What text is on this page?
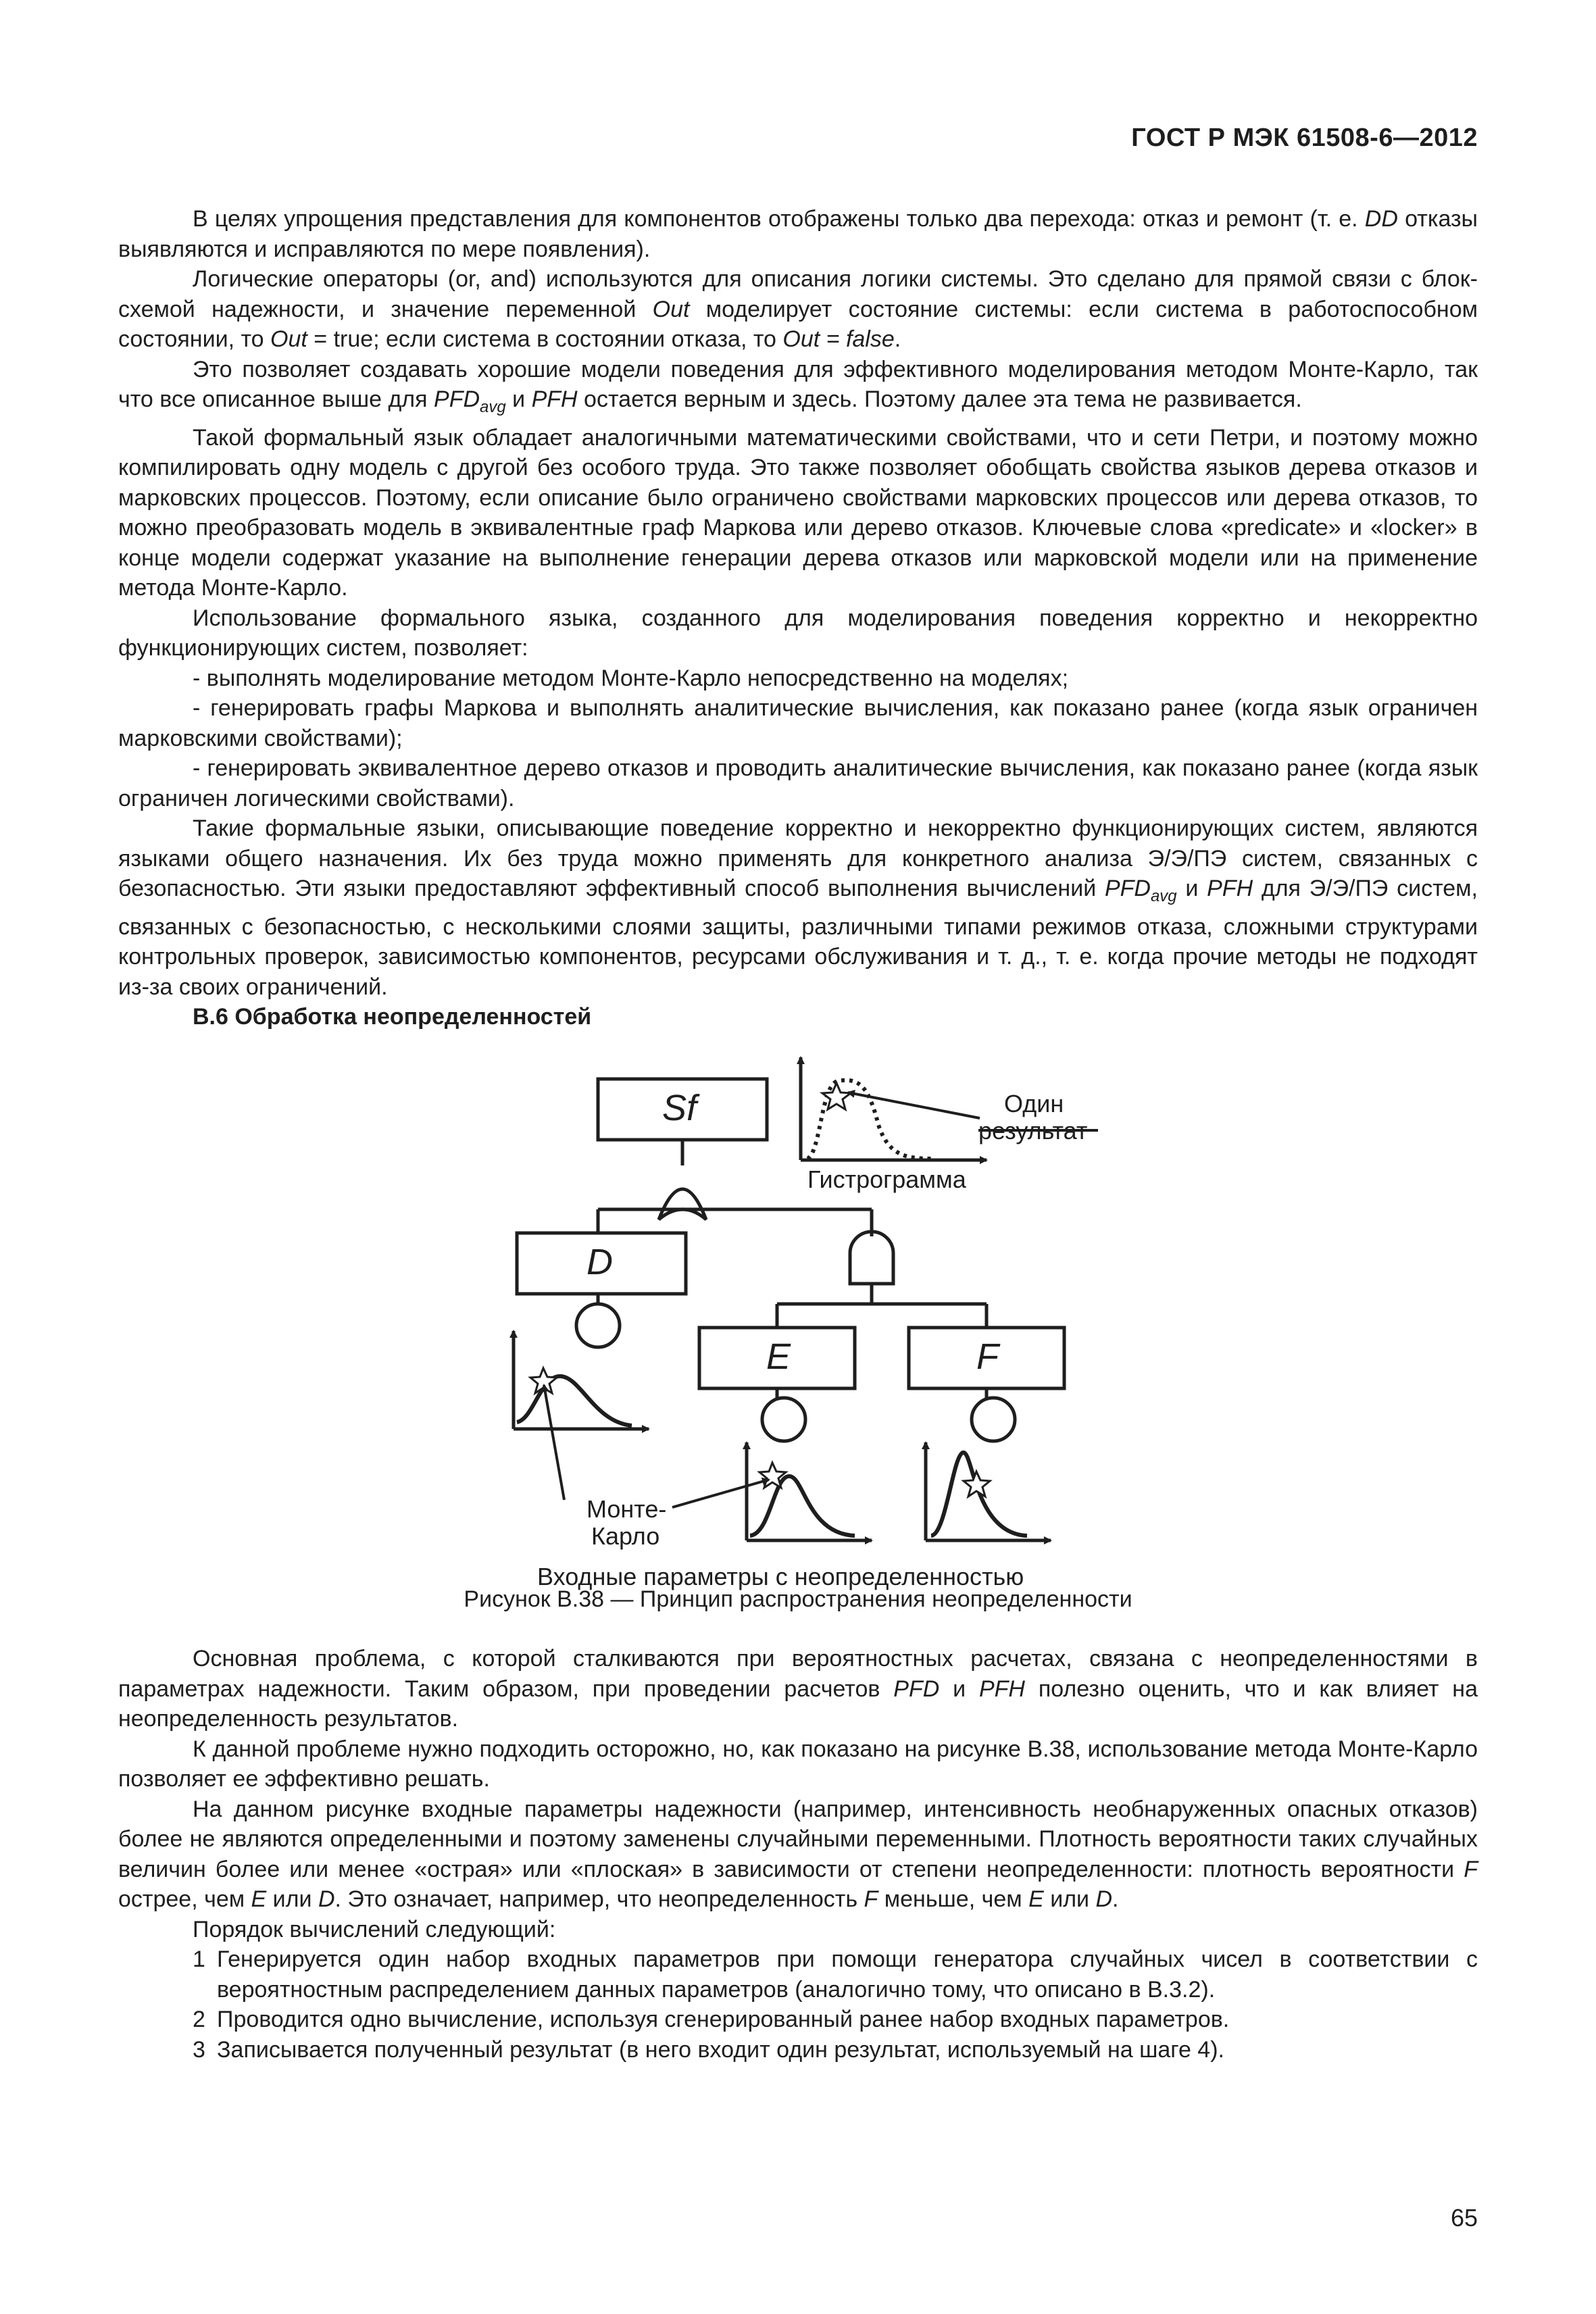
ГОСТ Р МЭК 61508-6—2012

В целях упрощения представления для компонентов отображены только два перехода: отказ и ремонт (т. е. DD отказы выявляются и исправляются по мере появления).

Логические операторы (or, and) используются для описания логики системы. Это сделано для прямой связи с блок-схемой надежности, и значение переменной Out моделирует состояние системы: если система в работоспособном состоянии, то Out = true; если система в состоянии отказа, то Out = false.

Это позволяет создавать хорошие модели поведения для эффективного моделирования методом Монте-Карло, так что все описанное выше для $PFD_{avg}$ и PFH остается верным и здесь. Поэтому далее эта тема не развивается.

Такой формальный язык обладает аналогичными математическими свойствами, что и сети Петри, и поэтому можно компилировать одну модель с другой без особого труда. Это также позволяет обобщать свойства языков дерева отказов и марковских процессов. Поэтому, если описание было ограничено свойствами марковских процессов или дерева отказов, то можно преобразовать модель в эквивалентные граф Маркова или дерево отказов. Ключевые слова «predicate» и «locker» в конце модели содержат указание на выполнение генерации дерева отказов или марковской модели или на применение метода Монте-Карло.

Использование формального языка, созданного для моделирования поведения корректно и некорректно функционирующих систем, позволяет:

- выполнять моделирование методом Монте-Карло непосредственно на моделях;

- генерировать графы Маркова и выполнять аналитические вычисления, как показано ранее (когда язык ограничен марковскими свойствами);

- генерировать эквивалентное дерево отказов и проводить аналитические вычисления, как показано ранее (когда язык ограничен логическими свойствами).

Такие формальные языки, описывающие поведение корректно и некорректно функционирующих систем, являются языками общего назначения. Их без труда можно применять для конкретного анализа Э/Э/ПЭ систем, связанных с безопасностью. Эти языки предоставляют эффективный способ выполнения вычислений $PFD_{avg}$ и PFH для Э/Э/ПЭ систем, связанных с безопасностью, с несколькими слоями защиты, различными типами режимов отказа, сложными структурами контрольных проверок, зависимостью компонентов, ресурсами обслуживания и т. д., т. е. когда прочие методы не подходят из-за своих ограничений.

B.6 Обработка неопределенностей

Sf
D
E	F
Один
результат
Гистрограмма
Монте-
Карло
Входные параметры с неопределенностью
Рисунок B.38 — Принцип распространения неопределенности

Основная проблема, с которой сталкиваются при вероятностных расчетах, связана с неопределенностями в параметрах надежности. Таким образом, при проведении расчетов PFD и PFH полезно оценить, что и как влияет на неопределенность результатов.

К данной проблеме нужно подходить осторожно, но, как показано на рисунке B.38, использование метода Монте-Карло позволяет ее эффективно решать.

На данном рисунке входные параметры надежности (например, интенсивность необнаруженных опасных отказов) более не являются определенными и поэтому заменены случайными переменными. Плотность вероятности таких случайных величин более или менее «острая» или «плоская» в зависимости от степени неопределенности: плотность вероятности F острее, чем E или D. Это означает, например, что неопределенность F меньше, чем E или D.

Порядок вычислений следующий:

1 Генерируется один набор входных параметров при помощи генератора случайных чисел в соответствии с вероятностным распределением данных параметров (аналогично тому, что описано в B.3.2).

2 Проводится одно вычисление, используя сгенерированный ранее набор входных параметров.

3 Записывается полученный результат (в него входит один результат, используемый на шаге 4).

65
